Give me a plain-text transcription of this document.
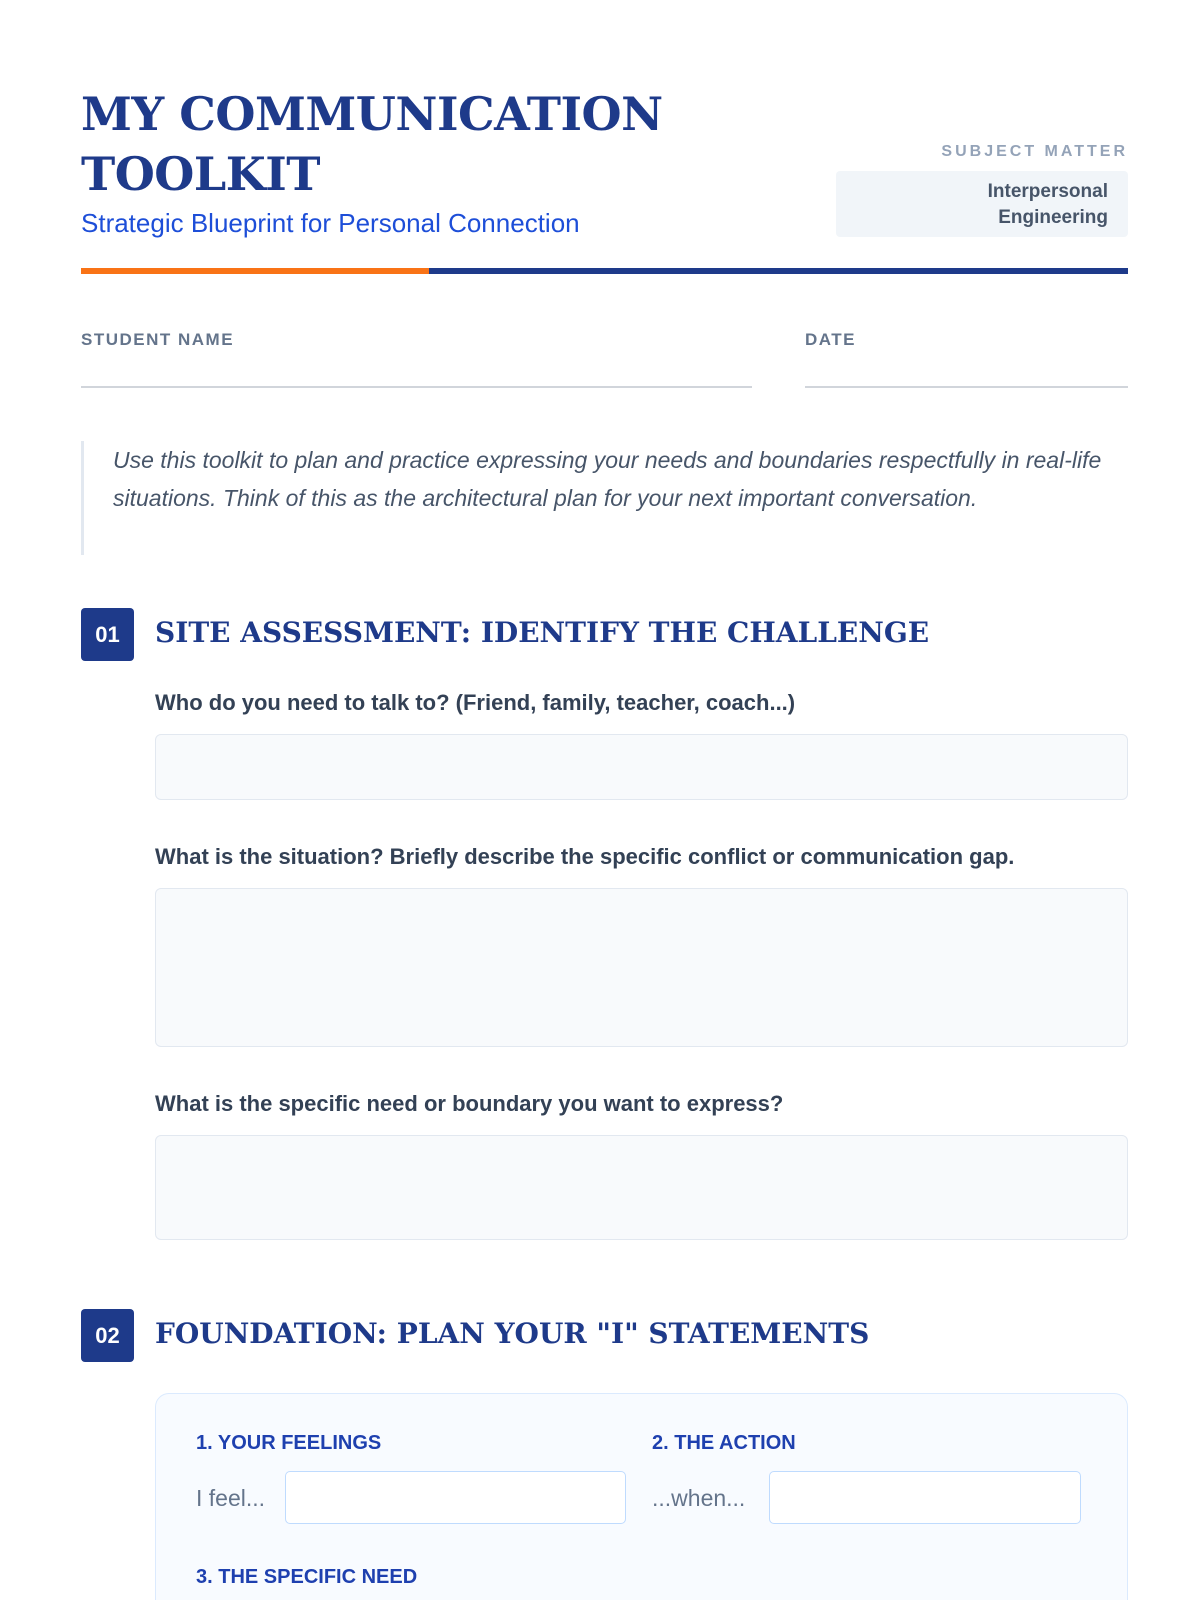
MY COMMUNICATION
TOOLKIT
Strategic Blueprint for Personal Connection
SUBJECT MATTER
Interpersonal
Engineering
STUDENT NAME	DATE
Use this toolkit to plan and practice expressing your needs and boundaries respectfully in real-life situations. Think of this as the architectural plan for your next important conversation.
01	SITE ASSESSMENT: IDENTIFY THE CHALLENGE
Who do you need to talk to? (Friend, family, teacher, coach...)
What is the situation? Briefly describe the specific conflict or communication gap.
What is the specific need or boundary you want to express?
02	FOUNDATION: PLAN YOUR "I" STATEMENTS
1. YOUR FEELINGS
I feel...
2. THE ACTION
...when...
3. THE SPECIFIC NEED
